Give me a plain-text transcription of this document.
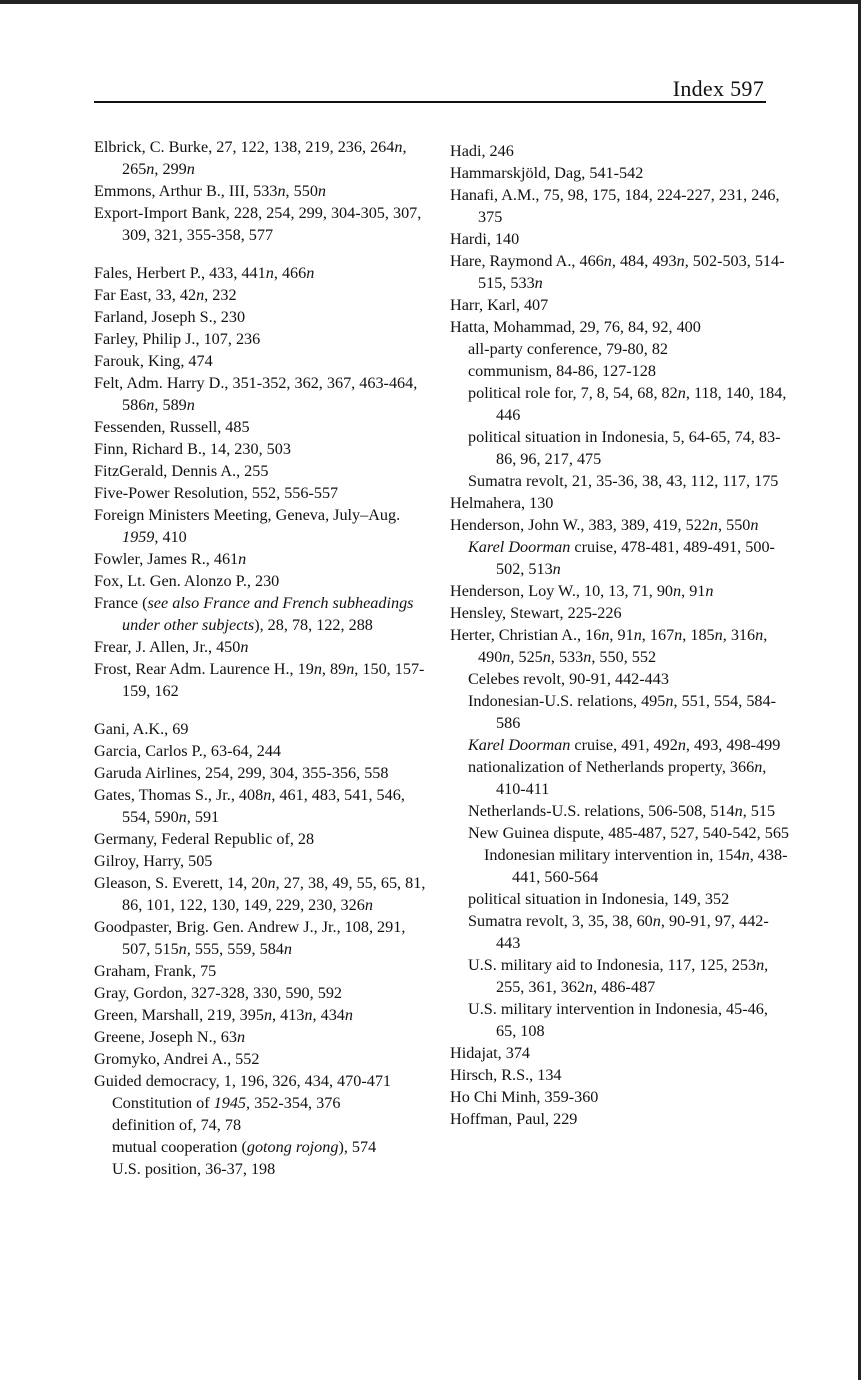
Index 597
Elbrick, C. Burke, 27, 122, 138, 219, 236, 264n, 265n, 299n
Emmons, Arthur B., III, 533n, 550n
Export-Import Bank, 228, 254, 299, 304-305, 307, 309, 321, 355-358, 577
Fales, Herbert P., 433, 441n, 466n
Far East, 33, 42n, 232
Farland, Joseph S., 230
Farley, Philip J., 107, 236
Farouk, King, 474
Felt, Adm. Harry D., 351-352, 362, 367, 463-464, 586n, 589n
Fessenden, Russell, 485
Finn, Richard B., 14, 230, 503
FitzGerald, Dennis A., 255
Five-Power Resolution, 552, 556-557
Foreign Ministers Meeting, Geneva, July–Aug. 1959, 410
Fowler, James R., 461n
Fox, Lt. Gen. Alonzo P., 230
France (see also France and French subheadings under other subjects), 28, 78, 122, 288
Frear, J. Allen, Jr., 450n
Frost, Rear Adm. Laurence H., 19n, 89n, 150, 157-159, 162
Gani, A.K., 69
Garcia, Carlos P., 63-64, 244
Garuda Airlines, 254, 299, 304, 355-356, 558
Gates, Thomas S., Jr., 408n, 461, 483, 541, 546, 554, 590n, 591
Germany, Federal Republic of, 28
Gilroy, Harry, 505
Gleason, S. Everett, 14, 20n, 27, 38, 49, 55, 65, 81, 86, 101, 122, 130, 149, 229, 230, 326n
Goodpaster, Brig. Gen. Andrew J., Jr., 108, 291, 507, 515n, 555, 559, 584n
Graham, Frank, 75
Gray, Gordon, 327-328, 330, 590, 592
Green, Marshall, 219, 395n, 413n, 434n
Greene, Joseph N., 63n
Gromyko, Andrei A., 552
Guided democracy, 1, 196, 326, 434, 470-471
Constitution of 1945, 352-354, 376
definition of, 74, 78
mutual cooperation (gotong rojong), 574
U.S. position, 36-37, 198
Hadi, 246
Hammarskjöld, Dag, 541-542
Hanafi, A.M., 75, 98, 175, 184, 224-227, 231, 246, 375
Hardi, 140
Hare, Raymond A., 466n, 484, 493n, 502-503, 514-515, 533n
Harr, Karl, 407
Hatta, Mohammad, 29, 76, 84, 92, 400
all-party conference, 79-80, 82
communism, 84-86, 127-128
political role for, 7, 8, 54, 68, 82n, 118, 140, 184, 446
political situation in Indonesia, 5, 64-65, 74, 83-86, 96, 217, 475
Sumatra revolt, 21, 35-36, 38, 43, 112, 117, 175
Helmahera, 130
Henderson, John W., 383, 389, 419, 522n, 550n
Karel Doorman cruise, 478-481, 489-491, 500-502, 513n
Henderson, Loy W., 10, 13, 71, 90n, 91n
Hensley, Stewart, 225-226
Herter, Christian A., 16n, 91n, 167n, 185n, 316n, 490n, 525n, 533n, 550, 552
Celebes revolt, 90-91, 442-443
Indonesian-U.S. relations, 495n, 551, 554, 584-586
Karel Doorman cruise, 491, 492n, 493, 498-499
nationalization of Netherlands property, 366n, 410-411
Netherlands-U.S. relations, 506-508, 514n, 515
New Guinea dispute, 485-487, 527, 540-542, 565
Indonesian military intervention in, 154n, 438-441, 560-564
political situation in Indonesia, 149, 352
Sumatra revolt, 3, 35, 38, 60n, 90-91, 97, 442-443
U.S. military aid to Indonesia, 117, 125, 253n, 255, 361, 362n, 486-487
U.S. military intervention in Indonesia, 45-46, 65, 108
Hidajat, 374
Hirsch, R.S., 134
Ho Chi Minh, 359-360
Hoffman, Paul, 229
